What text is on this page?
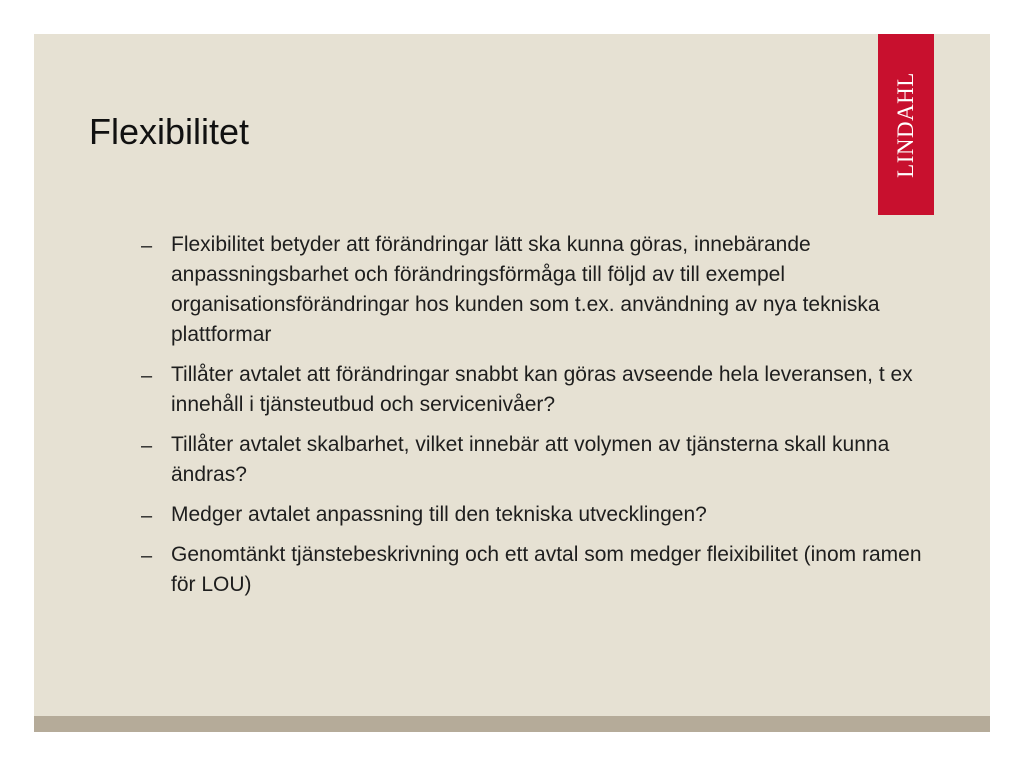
LINDAHL
Flexibilitet
– Flexibilitet betyder att förändringar lätt ska kunna göras, innebärande anpassningsbarhet och förändringsförmåga till följd av till exempel organisationsförändringar hos kunden som t.ex. användning av nya tekniska plattformar
– Tillåter avtalet att förändringar snabbt kan göras avseende hela leveransen, t ex innehåll i tjänsteutbud och servicenivåer?
– Tillåter avtalet skalbarhet, vilket innebär att volymen av tjänsterna skall kunna ändras?
– Medger avtalet anpassning till den tekniska utvecklingen?
– Genomtänkt tjänstebeskrivning och ett avtal som medger fleixibilitet (inom ramen för LOU)
